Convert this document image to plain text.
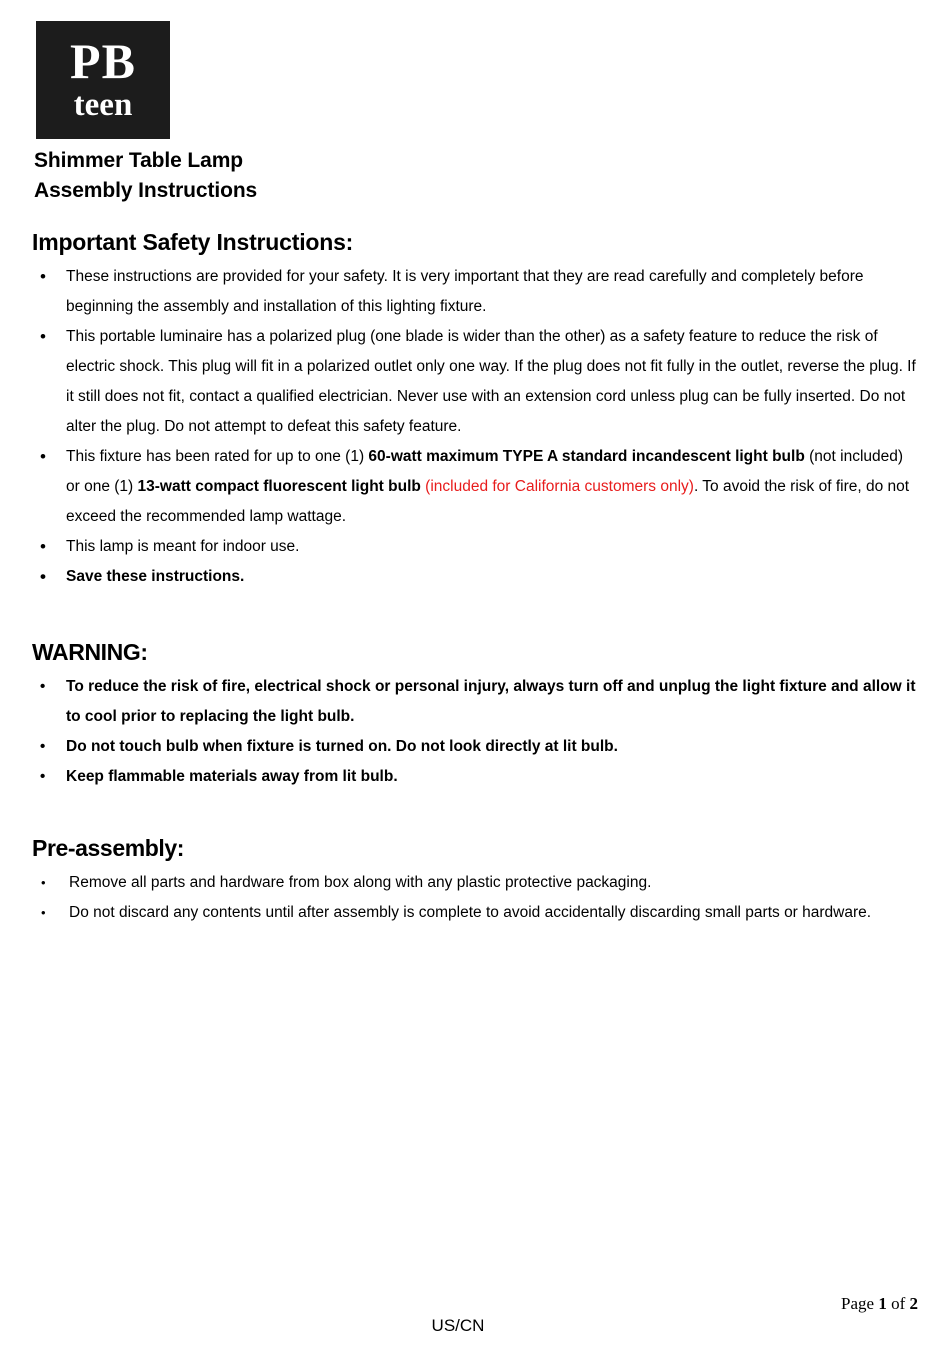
PB
teen
Shimmer Table Lamp
Assembly Instructions
Important Safety Instructions:
• These instructions are provided for your safety. It is very important that they are read carefully and completely before beginning the assembly and installation of this lighting fixture.
• This portable luminaire has a polarized plug (one blade is wider than the other) as a safety feature to reduce the risk of electric shock. This plug will fit in a polarized outlet only one way. If the plug does not fit fully in the outlet, reverse the plug. If it still does not fit, contact a qualified electrician. Never use with an extension cord unless plug can be fully inserted. Do not alter the plug. Do not attempt to defeat this safety feature.
• This fixture has been rated for up to one (1) 60-watt maximum TYPE A standard incandescent light bulb (not included) or one (1) 13-watt compact fluorescent light bulb (included for California customers only). To avoid the risk of fire, do not exceed the recommended lamp wattage.
• This lamp is meant for indoor use.
• Save these instructions.
WARNING:
• To reduce the risk of fire, electrical shock or personal injury, always turn off and unplug the light fixture and allow it to cool prior to replacing the light bulb.
• Do not touch bulb when fixture is turned on. Do not look directly at lit bulb.
• Keep flammable materials away from lit bulb.
Pre-assembly:
• Remove all parts and hardware from box along with any plastic protective packaging.
• Do not discard any contents until after assembly is complete to avoid accidentally discarding small parts or hardware.
Page 1 of 2
US/CN
